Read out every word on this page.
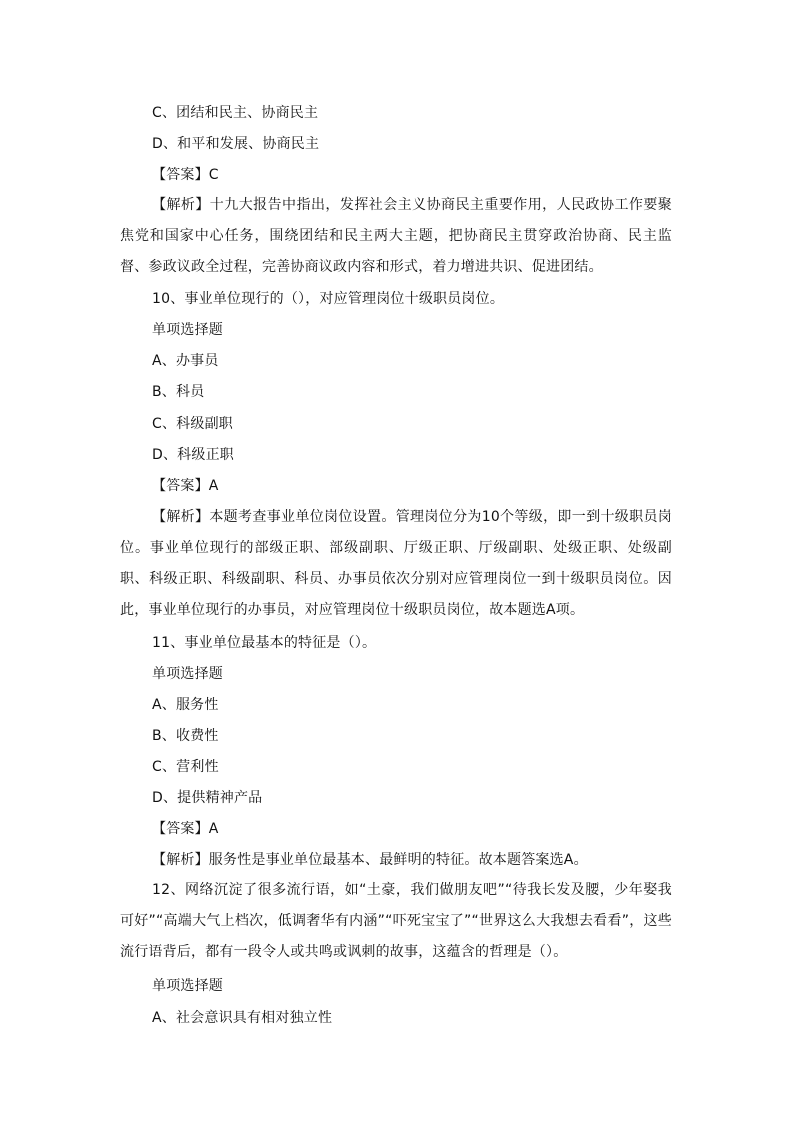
C、团结和民主、协商民主
D、和平和发展、协商民主
【答案】C
【解析】十九大报告中指出，发挥社会主义协商民主重要作用，人民政协工作要聚焦党和国家中心任务，围绕团结和民主两大主题，把协商民主贯穿政治协商、民主监督、参政议政全过程，完善协商议政内容和形式，着力增进共识、促进团结。
10、事业单位现行的（），对应管理岗位十级职员岗位。
单项选择题
A、办事员
B、科员
C、科级副职
D、科级正职
【答案】A
【解析】本题考查事业单位岗位设置。管理岗位分为10个等级，即一到十级职员岗位。事业单位现行的部级正职、部级副职、厅级正职、厅级副职、处级正职、处级副职、科级正职、科级副职、科员、办事员依次分别对应管理岗位一到十级职员岗位。因此，事业单位现行的办事员，对应管理岗位十级职员岗位，故本题选A项。
11、事业单位最基本的特征是（）。
单项选择题
A、服务性
B、收费性
C、营利性
D、提供精神产品
【答案】A
【解析】服务性是事业单位最基本、最鲜明的特征。故本题答案选A。
12、网络沉淀了很多流行语，如“土豪，我们做朋友吧”“待我长发及腰，少年娶我可好”“高端大气上档次，低调奢华有内涵”“吓死宝宝了”“世界这么大我想去看看”，这些流行语背后，都有一段令人或共鸣或讽刺的故事，这蕴含的哲理是（）。
单项选择题
A、社会意识具有相对独立性
